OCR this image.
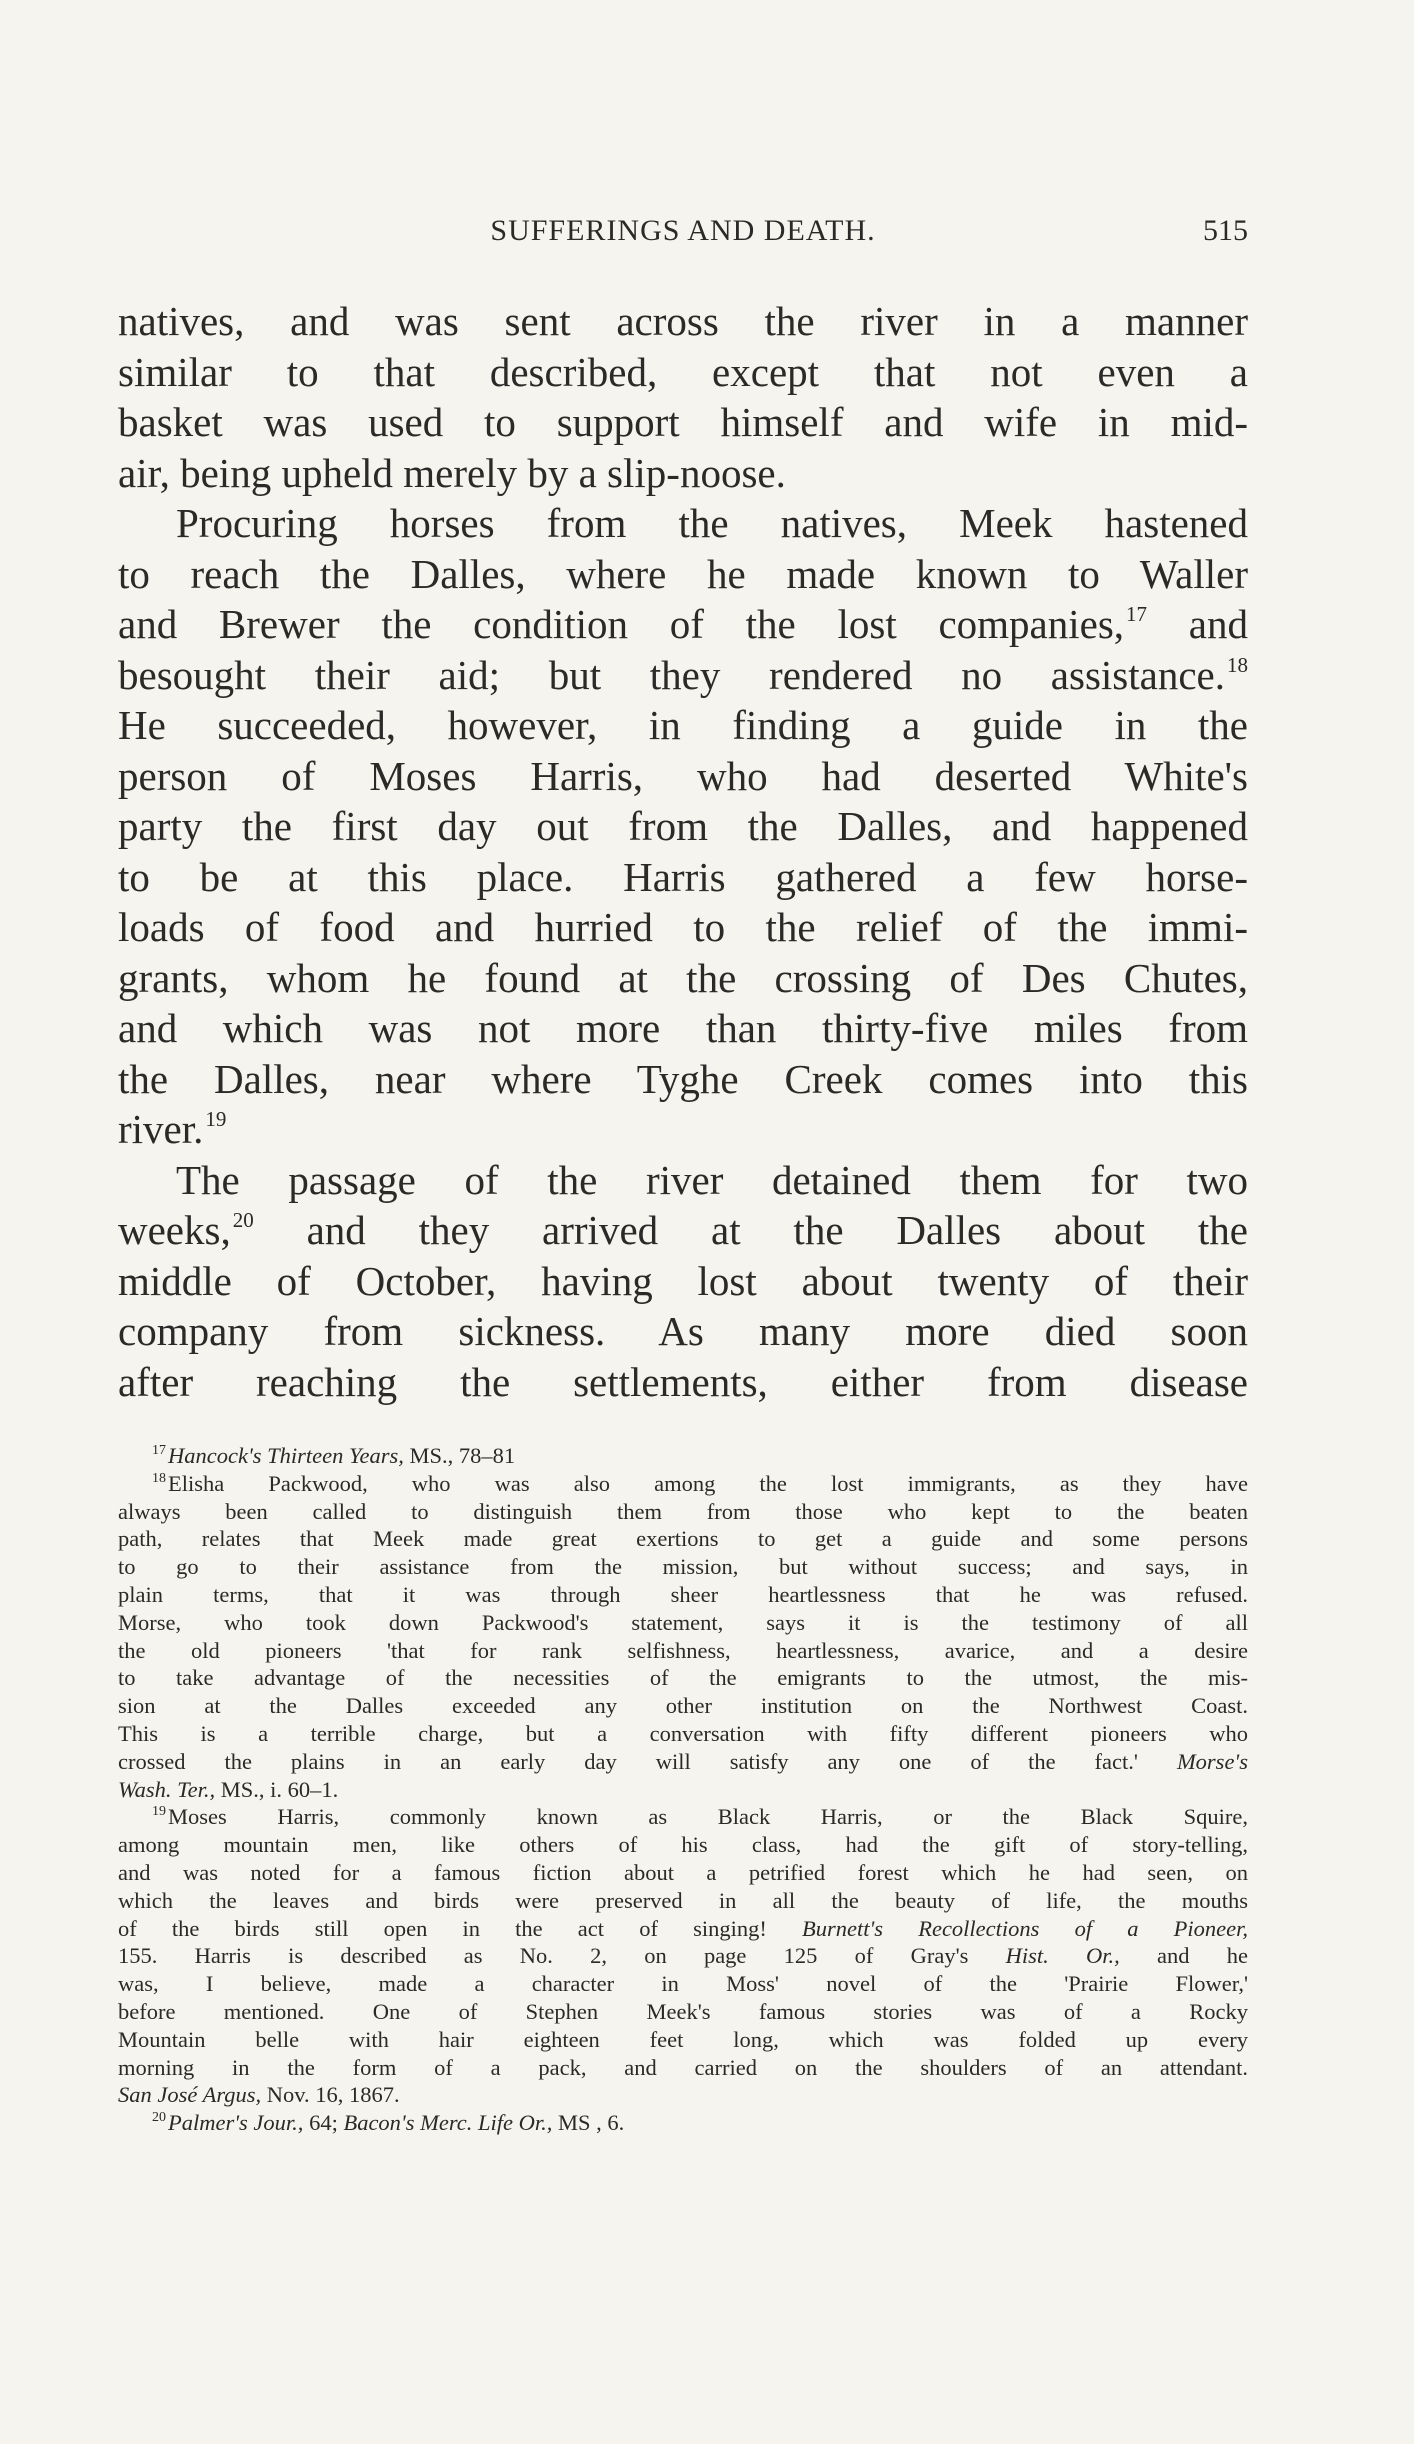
SUFFERINGS AND DEATH.	515
natives, and was sent across the river in a manner
similar to that described, except that not even a
basket was used to support himself and wife in mid-
air, being upheld merely by a slip-noose.
Procuring horses from the natives, Meek hastened
to reach the Dalles, where he made known to Waller
and Brewer the condition of the lost companies,$^{17}$ and
besought their aid; but they rendered no assistance.$^{18}$
He succeeded, however, in finding a guide in the
person of Moses Harris, who had deserted White's
party the first day out from the Dalles, and happened
to be at this place. Harris gathered a few horse-
loads of food and hurried to the relief of the immi-
grants, whom he found at the crossing of Des Chutes,
and which was not more than thirty-five miles from
the Dalles, near where Tyghe Creek comes into this
river.$^{19}$
The passage of the river detained them for two
weeks,$^{20}$ and they arrived at the Dalles about the
middle of October, having lost about twenty of their
company from sickness. As many more died soon
after reaching the settlements, either from disease
$^{17}$Hancock's Thirteen Years, MS., 78–81
$^{18}$Elisha Packwood, who was also among the lost immigrants, as they have
always been called to distinguish them from those who kept to the beaten
path, relates that Meek made great exertions to get a guide and some persons
to go to their assistance from the mission, but without success; and says, in
plain terms, that it was through sheer heartlessness that he was refused.
Morse, who took down Packwood's statement, says it is the testimony of all
the old pioneers 'that for rank selfishness, heartlessness, avarice, and a desire
to take advantage of the necessities of the emigrants to the utmost, the mis-
sion at the Dalles exceeded any other institution on the Northwest Coast.
This is a terrible charge, but a conversation with fifty different pioneers who
crossed the plains in an early day will satisfy any one of the fact.' Morse's
Wash. Ter., MS., i. 60–1.
$^{19}$Moses Harris, commonly known as Black Harris, or the Black Squire,
among mountain men, like others of his class, had the gift of story-telling,
and was noted for a famous fiction about a petrified forest which he had seen, on
which the leaves and birds were preserved in all the beauty of life, the mouths
of the birds still open in the act of singing! Burnett's Recollections of a Pioneer,
155. Harris is described as No. 2, on page 125 of Gray's Hist. Or., and he
was, I believe, made a character in Moss' novel of the 'Prairie Flower,'
before mentioned. One of Stephen Meek's famous stories was of a Rocky
Mountain belle with hair eighteen feet long, which was folded up every
morning in the form of a pack, and carried on the shoulders of an attendant.
San José Argus, Nov. 16, 1867.
$^{20}$Palmer's Jour., 64; Bacon's Merc. Life Or., MS , 6.
